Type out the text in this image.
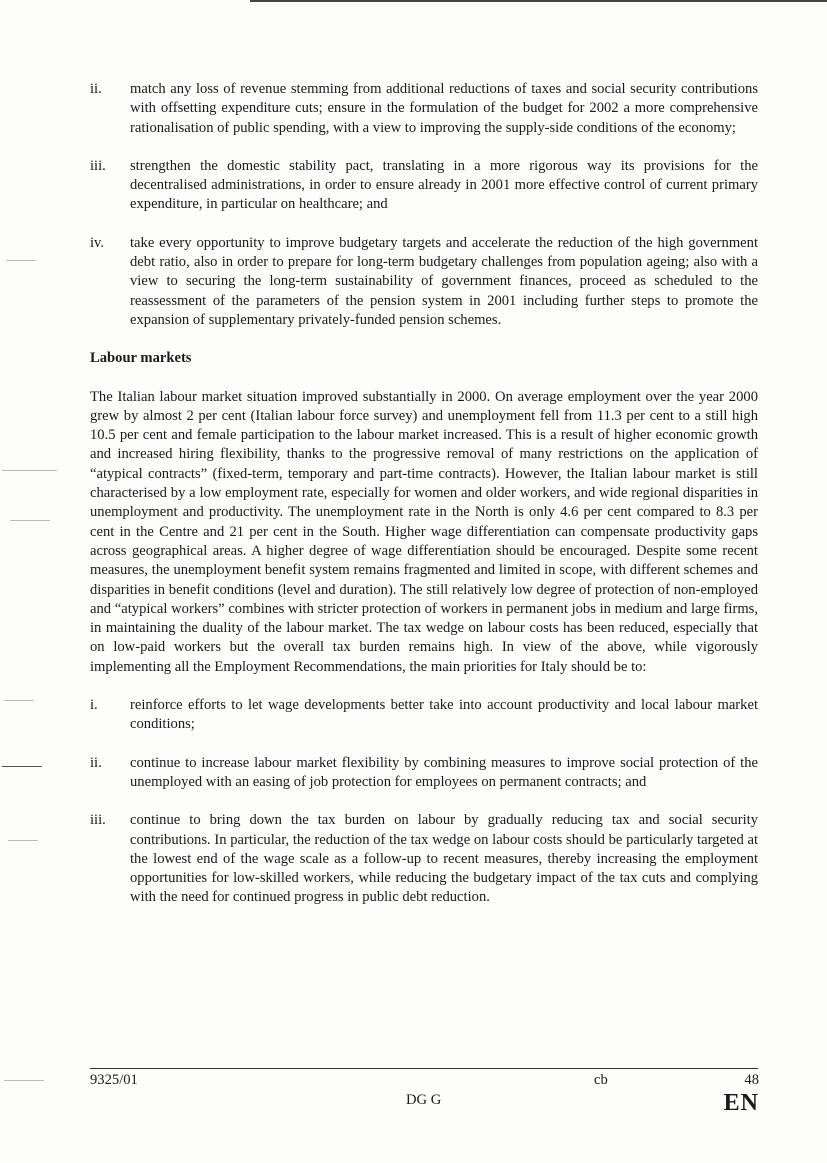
ii.	match any loss of revenue stemming from additional reductions of taxes and social security contributions with offsetting expenditure cuts; ensure in the formulation of the budget for 2002 a more comprehensive rationalisation of public spending, with a view to improving the supply-side conditions of the economy;
iii.	strengthen the domestic stability pact, translating in a more rigorous way its provisions for the decentralised administrations, in order to ensure already in 2001 more effective control of current primary expenditure, in particular on healthcare; and
iv.	take every opportunity to improve budgetary targets and accelerate the reduction of the high government debt ratio, also in order to prepare for long-term budgetary challenges from population ageing; also with a view to securing the long-term sustainability of government finances, proceed as scheduled to the reassessment of the parameters of the pension system in 2001 including further steps to promote the expansion of supplementary privately-funded pension schemes.
Labour markets
The Italian labour market situation improved substantially in 2000. On average employment over the year 2000 grew by almost 2 per cent (Italian labour force survey) and unemployment fell from 11.3 per cent to a still high 10.5 per cent and female participation to the labour market increased. This is a result of higher economic growth and increased hiring flexibility, thanks to the progressive removal of many restrictions on the application of “atypical contracts” (fixed-term, temporary and part-time contracts). However, the Italian labour market is still characterised by a low employment rate, especially for women and older workers, and wide regional disparities in unemployment and productivity. The unemployment rate in the North is only 4.6 per cent compared to 8.3 per cent in the Centre and 21 per cent in the South. Higher wage differentiation can compensate productivity gaps across geographical areas. A higher degree of wage differentiation should be encouraged. Despite some recent measures, the unemployment benefit system remains fragmented and limited in scope, with different schemes and disparities in benefit conditions (level and duration). The still relatively low degree of protection of non-employed and “atypical workers” combines with stricter protection of workers in permanent jobs in medium and large firms, in maintaining the duality of the labour market. The tax wedge on labour costs has been reduced, especially that on low-paid workers but the overall tax burden remains high. In view of the above, while vigorously implementing all the Employment Recommendations, the main priorities for Italy should be to:
i.	reinforce efforts to let wage developments better take into account productivity and local labour market conditions;
ii.	continue to increase labour market flexibility by combining measures to improve social protection of the unemployed with an easing of job protection for employees on permanent contracts; and
iii.	continue to bring down the tax burden on labour by gradually reducing tax and social security contributions. In particular, the reduction of the tax wedge on labour costs should be particularly targeted at the lowest end of the wage scale as a follow-up to recent measures, thereby increasing the employment opportunities for low-skilled workers, while reducing the budgetary impact of the tax cuts and complying with the need for continued progress in public debt reduction.
9325/01	cb	48
DG G	EN
